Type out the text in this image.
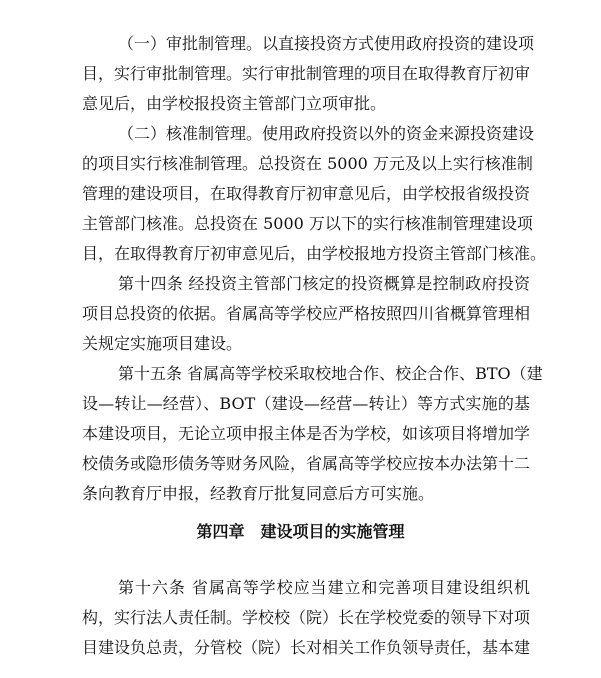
（一）审批制管理。以直接投资方式使用政府投资的建设项
目，实行审批制管理。实行审批制管理的项目在取得教育厅初审
意见后，由学校报投资主管部门立项审批。
（二）核准制管理。使用政府投资以外的资金来源投资建设
的项目实行核准制管理。总投资在 5000 万元及以上实行核准制
管理的建设项目，在取得教育厅初审意见后，由学校报省级投资
主管部门核准。总投资在 5000 万以下的实行核准制管理建设项
目，在取得教育厅初审意见后，由学校报地方投资主管部门核准。
第十四条 经投资主管部门核定的投资概算是控制政府投资
项目总投资的依据。省属高等学校应严格按照四川省概算管理相
关规定实施项目建设。
第十五条 省属高等学校采取校地合作、校企合作、BTO（建
设—转让—经营）、BOT（建设—经营—转让）等方式实施的基
本建设项目，无论立项申报主体是否为学校，如该项目将增加学
校债务或隐形债务等财务风险，省属高等学校应按本办法第十二
条向教育厅申报，经教育厅批复同意后方可实施。
第四章　建设项目的实施管理
第十六条 省属高等学校应当建立和完善项目建设组织机
构，实行法人责任制。学校校（院）长在学校党委的领导下对项
目建设负总责，分管校（院）长对相关工作负领导责任，基本建
